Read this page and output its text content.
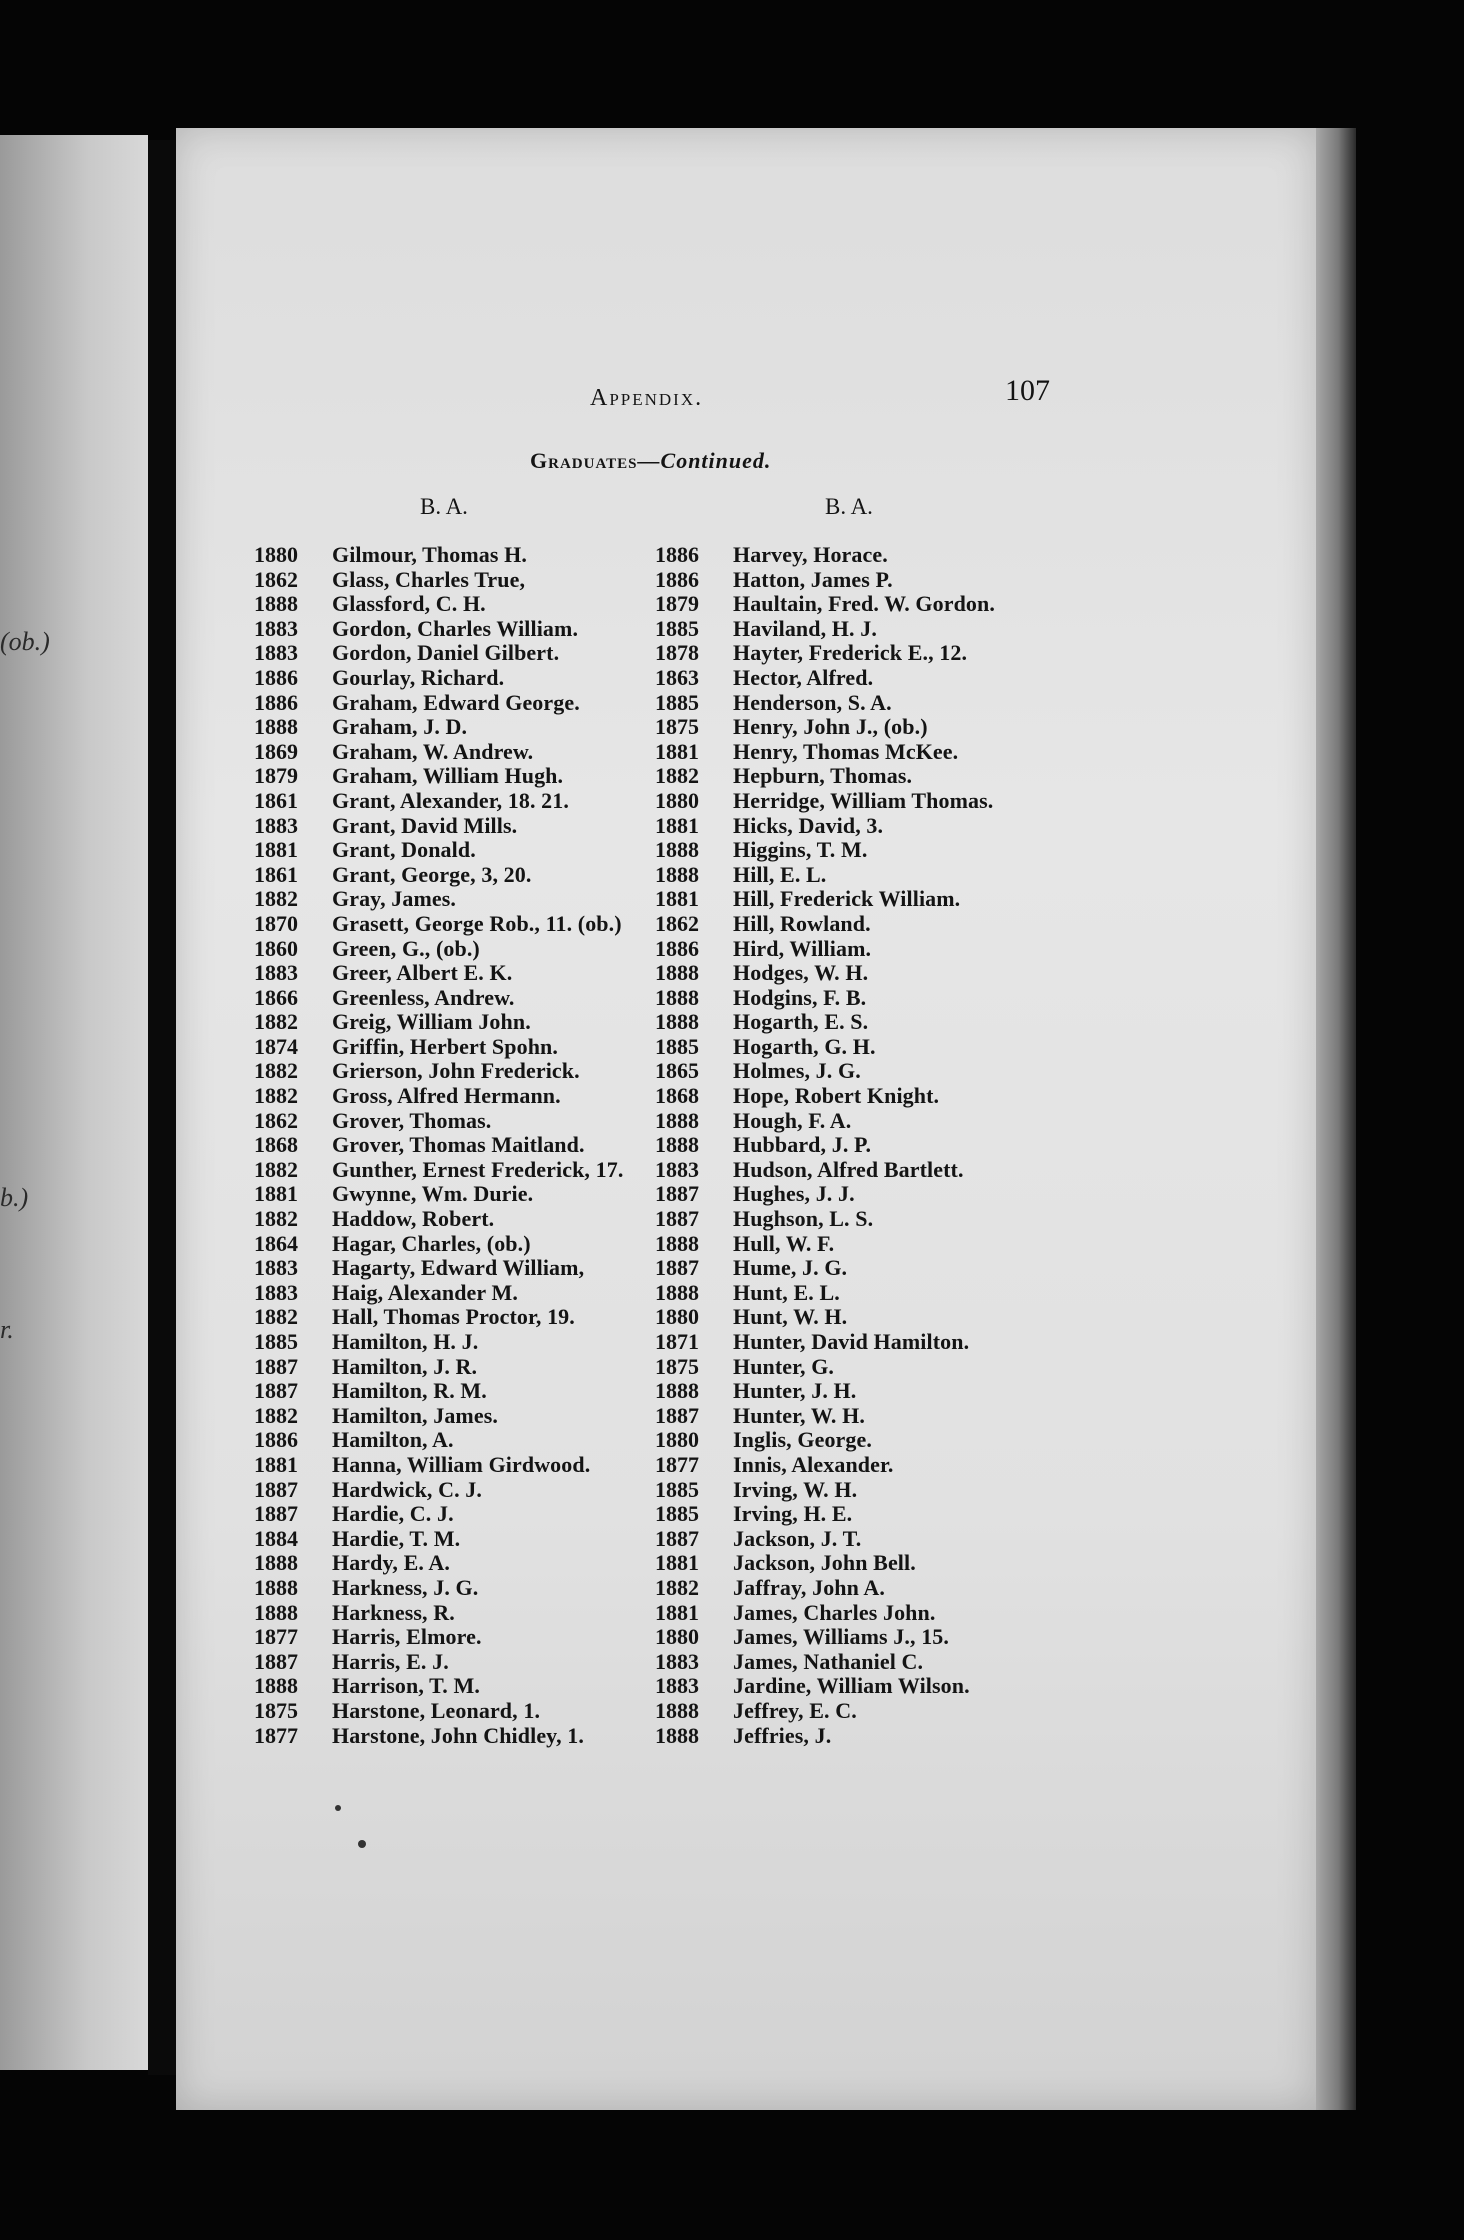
(ob.)
b.)
r.
Appendix.	107
Graduates—Continued.
B. A.	B. A.
1880	Gilmour, Thomas H.
1862	Glass, Charles True,
1888	Glassford, C. H.
1883	Gordon, Charles William.
1883	Gordon, Daniel Gilbert.
1886	Gourlay, Richard.
1886	Graham, Edward George.
1888	Graham, J. D.
1869	Graham, W. Andrew.
1879	Graham, William Hugh.
1861	Grant, Alexander, 18. 21.
1883	Grant, David Mills.
1881	Grant, Donald.
1861	Grant, George, 3, 20.
1882	Gray, James.
1870	Grasett, George Rob., 11. (ob.)
1860	Green, G., (ob.)
1883	Greer, Albert E. K.
1866	Greenless, Andrew.
1882	Greig, William John.
1874	Griffin, Herbert Spohn.
1882	Grierson, John Frederick.
1882	Gross, Alfred Hermann.
1862	Grover, Thomas.
1868	Grover, Thomas Maitland.
1882	Gunther, Ernest Frederick, 17.
1881	Gwynne, Wm. Durie.
1882	Haddow, Robert.
1864	Hagar, Charles, (ob.)
1883	Hagarty, Edward William,
1883	Haig, Alexander M.
1882	Hall, Thomas Proctor, 19.
1885	Hamilton, H. J.
1887	Hamilton, J. R.
1887	Hamilton, R. M.
1882	Hamilton, James.
1886	Hamilton, A.
1881	Hanna, William Girdwood.
1887	Hardwick, C. J.
1887	Hardie, C. J.
1884	Hardie, T. M.
1888	Hardy, E. A.
1888	Harkness, J. G.
1888	Harkness, R.
1877	Harris, Elmore.
1887	Harris, E. J.
1888	Harrison, T. M.
1875	Harstone, Leonard, 1.
1877	Harstone, John Chidley, 1.
1886	Harvey, Horace.
1886	Hatton, James P.
1879	Haultain, Fred. W. Gordon.
1885	Haviland, H. J.
1878	Hayter, Frederick E., 12.
1863	Hector, Alfred.
1885	Henderson, S. A.
1875	Henry, John J., (ob.)
1881	Henry, Thomas McKee.
1882	Hepburn, Thomas.
1880	Herridge, William Thomas.
1881	Hicks, David, 3.
1888	Higgins, T. M.
1888	Hill, E. L.
1881	Hill, Frederick William.
1862	Hill, Rowland.
1886	Hird, William.
1888	Hodges, W. H.
1888	Hodgins, F. B.
1888	Hogarth, E. S.
1885	Hogarth, G. H.
1865	Holmes, J. G.
1868	Hope, Robert Knight.
1888	Hough, F. A.
1888	Hubbard, J. P.
1883	Hudson, Alfred Bartlett.
1887	Hughes, J. J.
1887	Hughson, L. S.
1888	Hull, W. F.
1887	Hume, J. G.
1888	Hunt, E. L.
1880	Hunt, W. H.
1871	Hunter, David Hamilton.
1875	Hunter, G.
1888	Hunter, J. H.
1887	Hunter, W. H.
1880	Inglis, George.
1877	Innis, Alexander.
1885	Irving, W. H.
1885	Irving, H. E.
1887	Jackson, J. T.
1881	Jackson, John Bell.
1882	Jaffray, John A.
1881	James, Charles John.
1880	James, Williams J., 15.
1883	James, Nathaniel C.
1883	Jardine, William Wilson.
1888	Jeffrey, E. C.
1888	Jeffries, J.
